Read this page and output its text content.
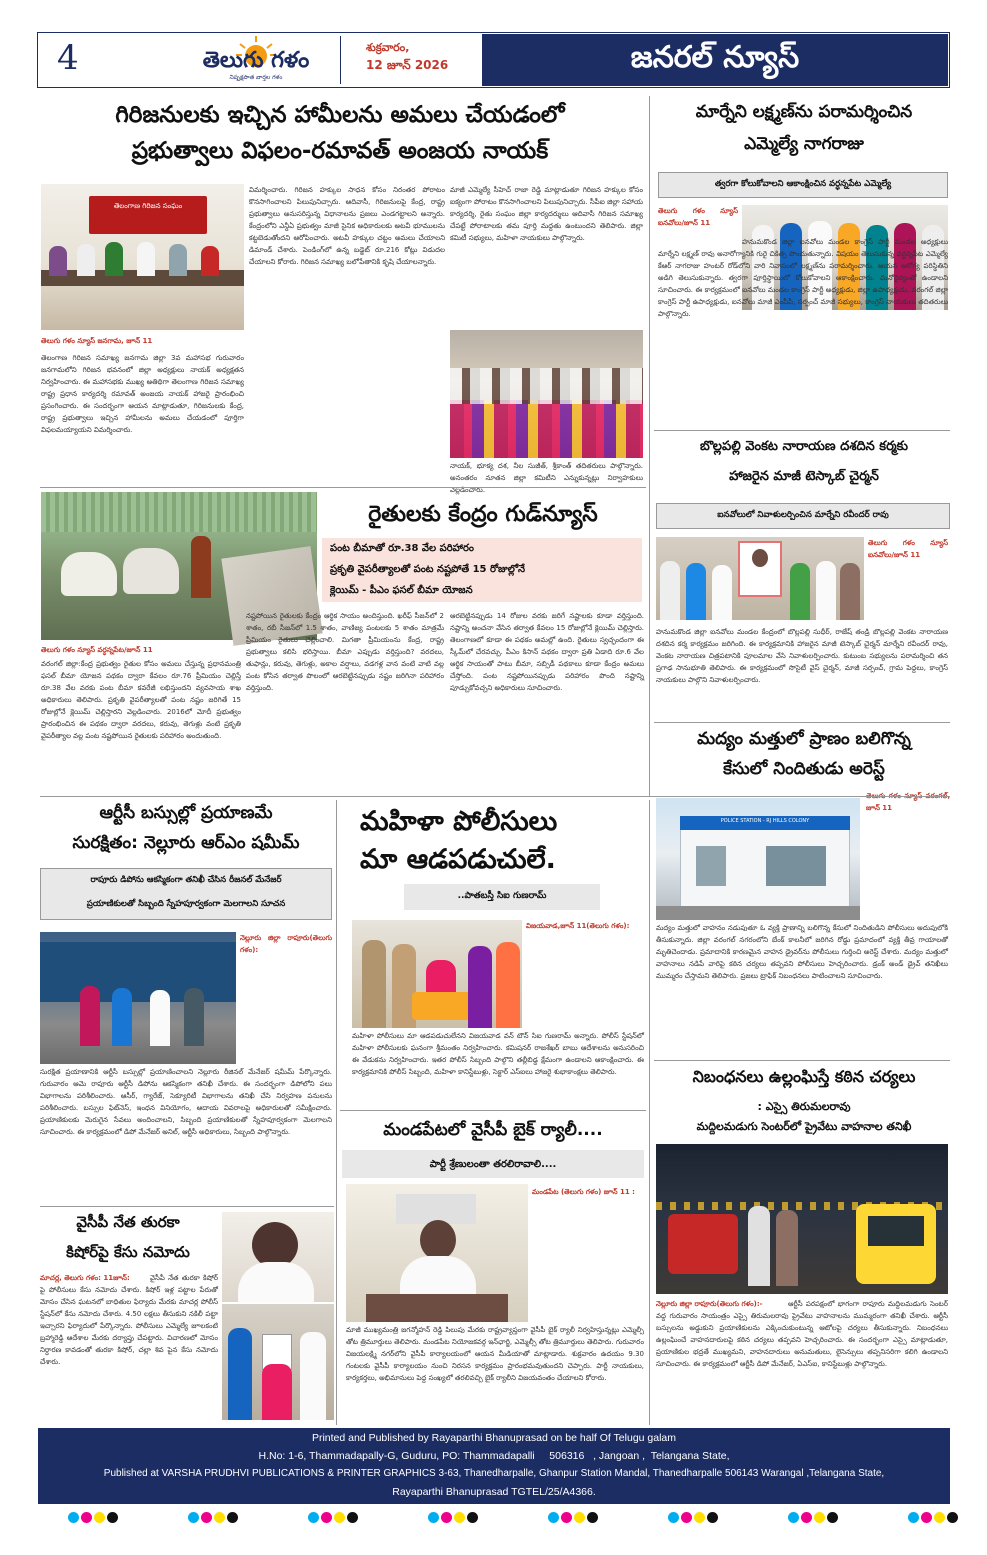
4	తెలుగు గళం
నిష్పక్షపాత వార్తల గళం
శుక్రవారం,
12 జూన్ 2026	జనరల్ న్యూస్
గిరిజనులకు ఇచ్చిన హామీలను అమలు చేయడంలో
ప్రభుత్వాలు విఫలం-రమావత్ అంజయ నాయక్
తెలంగాణ గిరిజన సంఘం
తెలుగు గళం న్యూస్ జనగామ, జూన్ 11
తెలంగాణ గిరిజన సమాఖ్య జనగామ జిల్లా 3వ మహాసభ గురువారం జనగామలోని గిరిజన భవనంలో జిల్లా అధ్యక్షులు నాయక్ అధ్యక్షతన నిర్వహించారు. ఈ మహాసభకు ముఖ్య అతిథిగా తెలంగాణ గిరిజన సమాఖ్య రాష్ట్ర ప్రధాన కార్యదర్శి రమావత్ అంజయ నాయక్ హాజరై ప్రారంభించి ప్రసంగించారు. ఈ సందర్భంగా ఆయన మాట్లాడుతూ, గిరిజనులకు కేంద్ర, రాష్ట్ర ప్రభుత్వాలు ఇచ్చిన హామీలను అమలు చేయడంలో పూర్తిగా విఫలమయ్యాయని విమర్శించారు.
విమర్శించారు. గిరిజన హక్కుల సాధన కోసం నిరంతర పోరాటం కొనసాగించాలని పిలుపునిచ్చారు. ఆదివాసీ, గిరిజనులపై కేంద్ర, రాష్ట్ర ప్రభుత్వాలు అనుసరిస్తున్న విధానాలను ప్రజలు ఎండగట్టాలని అన్నారు. కేంద్రంలోని ఎన్డీఏ ప్రభుత్వం మాజీ సైనిక అధికారులకు అటవీ భూములను కట్టబెడుతోందని ఆరోపించారు. అటవీ హక్కుల చట్టం అమలు చేయాలని డిమాండ్ చేశారు. పెండింగ్‌లో ఉన్న బడ్జెట్ రూ.216 కోట్లు విడుదల చేయాలని కోరారు. గిరిజన సమాఖ్య బలోపేతానికి కృషి చేయాలన్నారు.
మాజీ ఎమ్మెల్యే సీహెచ్ రాజా రెడ్డి మాట్లాడుతూ గిరిజన హక్కుల కోసం ఐక్యంగా పోరాటం కొనసాగించాలని పిలుపునిచ్చారు. సీపీఐ జిల్లా సహాయ కార్యదర్శి, రైతు సంఘం జిల్లా కార్యదర్శులు ఆదివాసీ గిరిజన సమాఖ్య చేపట్టే పోరాటాలకు తమ పూర్తి మద్దతు ఉంటుందని తెలిపారు. జిల్లా కమిటీ సభ్యులు, మహిళా నాయకులు పాల్గొన్నారు.
నాయక్, భూక్య దశ, నీల సుజీత్, శ్రీకాంత్ తదితరులు పాల్గొన్నారు. అనంతరం నూతన జిల్లా కమిటీని ఎన్నుకున్నట్లు నిర్వాహకులు వెల్లడించారు.
మార్నేని లక్ష్మణ్‌ను పరామర్శించిన
ఎమ్మెల్యే నాగరాజు
త్వరగా కోలుకోవాలని ఆకాంక్షించిన వర్ధన్నపేట ఎమ్మెల్యే
తెలుగు గళం న్యూస్ ఐనవోలు/జూన్ 11
హనుమకొండ జిల్లా ఐనవోలు మండల కాంగ్రెస్ పార్టీ మండల అధ్యక్షులు మార్నేని లక్ష్మణ్ రావు అనారోగ్యానికి గురై చికిత్స పొందుతున్నారు. విషయం తెలుసుకున్న వర్ధన్నపేట ఎమ్మెల్యే కేఆర్ నాగరాజు హంటర్ రోడ్‌లోని వారి నివాసంలో లక్ష్మణ్‌ను పరామర్శించారు. ఆయన ఆరోగ్య పరిస్థితిని అడిగి తెలుసుకున్నారు. త్వరగా పూర్తిస్థాయిలో కోలుకోవాలని ఆకాంక్షించారు. మనోధైర్యంతో ఉండాలని సూచించారు. ఈ కార్యక్రమంలో ఐనవోలు మండల కాంగ్రెస్ పార్టీ అధ్యక్షుడు, జిల్లా ఉపాధ్యక్షుడు, వరంగల్ జిల్లా కాంగ్రెస్ పార్టీ ఉపాధ్యక్షుడు, ఐనవోలు మాజీ ఎంపీపీ, సర్పంచ్ మాజీ సభ్యులు, కాంగ్రెస్ నాయకులు తదితరులు పాల్గొన్నారు.
బొల్లపల్లి వెంకట నారాయణ దశదిన కర్మకు
హాజరైన మాజీ టెస్కాబ్ చైర్మన్
ఐనవోలులో నివాళులర్పించిన మార్నేని రవీందర్ రావు
తెలుగు గళం న్యూస్ ఐనవోలు/జూన్ 11
హనుమకొండ జిల్లా ఐనవోలు మండల కేంద్రంలో బొల్లపల్లి సుధీర్, రాజేష్ తండ్రి బొల్లపల్లి వెంకట నారాయణ దశదిన కర్మ కార్యక్రమం జరిగింది. ఈ కార్యక్రమానికి హాజరైన మాజీ టెస్కాబ్ చైర్మన్ మార్నేని రవీందర్ రావు, వెంకట నారాయణ చిత్రపటానికి పూలమాల వేసి నివాళులర్పించారు. కుటుంబ సభ్యులను పరామర్శించి తన ప్రగాఢ సానుభూతి తెలిపారు. ఈ కార్యక్రమంలో సొసైటీ వైస్ చైర్మన్, మాజీ సర్పంచ్, గ్రామ పెద్దలు, కాంగ్రెస్ నాయకులు పాల్గొని నివాళులర్పించారు.
మద్యం మత్తులో ప్రాణం బలిగొన్న
కేసులో నిందితుడు అరెస్ట్
POLICE STATION - RJ HILLS COLONY
తెలుగు గళం న్యూస్ వరంగల్, జూన్ 11
మద్యం మత్తులో వాహనం నడుపుతూ ఓ వ్యక్తి ప్రాణాన్ని బలిగొన్న కేసులో నిందితుడిని పోలీసులు అదుపులోకి తీసుకున్నారు. జిల్లా వరంగల్ నగరంలోని బేంక్ కాలనీలో జరిగిన రోడ్డు ప్రమాదంలో వ్యక్తి తీవ్ర గాయాలతో మృతిచెందాడు. ప్రమాదానికి కారణమైన వాహన డ్రైవర్‌ను పోలీసులు గుర్తించి అరెస్ట్ చేశారు. మద్యం మత్తులో వాహనాలు నడిపే వారిపై కఠిన చర్యలు తప్పవని పోలీసులు హెచ్చరించారు. డ్రంక్ అండ్ డ్రైవ్ తనిఖీలు ముమ్మరం చేస్తామని తెలిపారు. ప్రజలు ట్రాఫిక్ నిబంధనలు పాటించాలని సూచించారు.
నిబంధనలు ఉల్లంఘిస్తే కఠిన చర్యలు
: ఎస్సై తిరుమలరావు
మద్దిలమడుగు సెంటర్‌లో ప్రైవేటు వాహనాల తనిఖీ
నెల్లూరు జిల్లా రాపూరు(తెలుగు గళం):-	ఆర్టీసీ పరపక్షంలో భాగంగా రాపూరు మద్దిలమడుగు సెంటర్ వద్ద గురువారం సాయంత్రం ఎస్సై తిరుమలరావు ప్రైవేటు వాహనాలను ముమ్మరంగా తనిఖీ చేశారు. ఆర్టీసీ బస్సులను అడ్డుకుని ప్రయాణికులను ఎక్కించుకుంటున్న ఆటోలపై చర్యలు తీసుకున్నారు. నిబంధనలు ఉల్లంఘించే వాహనదారులపై కఠిన చర్యలు తప్పవని హెచ్చరించారు. ఈ సందర్భంగా ఎస్సై మాట్లాడుతూ, ప్రయాణికుల భద్రతే ముఖ్యమని, వాహనదారులు అనుమతులు, లైసెన్సులు తప్పనిసరిగా కలిగి ఉండాలని సూచించారు. ఈ కార్యక్రమంలో ఆర్టీసీ డిపో మేనేజర్, ఏఎస్ఐ, కానిస్టేబుళ్లు పాల్గొన్నారు.
రైతులకు కేంద్రం గుడ్‌న్యూస్
పంట బీమాతో రూ.38 వేల పరిహారం
ప్రకృతి వైపరీత్యాలతో పంట నష్టపోతే 15 రోజుల్లోనే
క్లెయిమ్ - పీఎం ఫసల్ బీమా యోజన
తెలుగు గళం న్యూస్ వర్ధన్నపేట/జూన్ 11
వరంగల్ జిల్లా:కేంద్ర ప్రభుత్వం రైతుల కోసం అమలు చేస్తున్న ప్రధానమంత్రి ఫసల్ బీమా యోజన పథకం ద్వారా కేవలం రూ.76 ప్రీమియం చెల్లిస్తే రూ.38 వేల వరకు పంట బీమా కవరేజీ లభిస్తుందని వ్యవసాయ శాఖ అధికారులు తెలిపారు. ప్రకృతి వైపరీత్యాలతో పంట నష్టం జరిగితే 15 రోజుల్లోనే క్లెయిమ్ చెల్లిస్తారని వెల్లడించారు. 2016లో మోదీ ప్రభుత్వం ప్రారంభించిన ఈ పథకం ద్వారా వరదలు, కరువు, తెగుళ్లు వంటి ప్రకృతి వైపరీత్యాల వల్ల పంట నష్టపోయిన రైతులకు పరిహారం అందుతుంది.
నష్టపోయిన రైతులకు కేంద్రం ఆర్థిక సాయం అందిస్తుంది. ఖరీఫ్ సీజన్‌లో 2 శాతం, రబీ సీజన్‌లో 1.5 శాతం, వాణిజ్య పంటలకు 5 శాతం మాత్రమే ప్రీమియం రైతులు చెల్లించాలి. మిగతా ప్రీమియంను కేంద్ర, రాష్ట్ర ప్రభుత్వాలు కలిసి భరిస్తాయి. బీమా ఎప్పుడు వర్తిస్తుంది? వరదలు, తుఫాన్లు, కరువు, తెగుళ్లు, అకాల వర్షాలు, వడగళ్ల వాన వంటి వాటి వల్ల పంట కోసిన తర్వాత పొలంలో ఆరబెట్టినప్పుడు నష్టం జరిగినా పరిహారం వర్తిస్తుంది.
ఆరబెట్టినప్పుడు 14 రోజుల వరకు జరిగే నష్టాలకు కూడా వర్తిస్తుంది. నష్టాన్ని అంచనా వేసిన తర్వాత కేవలం 15 రోజుల్లోనే క్లెయిమ్ చెల్లిస్తారు. తెలంగాణలో కూడా ఈ పథకం అమల్లో ఉంది. రైతులు స్వచ్ఛందంగా ఈ స్కీమ్‌లో చేరవచ్చు. పీఎం కిసాన్ పథకం ద్వారా ప్రతి ఏడాది రూ.6 వేల ఆర్థిక సాయంతో పాటు బీమా, సబ్సిడీ పథకాలు కూడా కేంద్రం అమలు చేస్తోంది. పంట నష్టపోయినప్పుడు పరిహారం పొంది నష్టాన్ని పూడ్చుకోవచ్చని అధికారులు సూచించారు.
ఆర్టీసీ బస్సుల్లో ప్రయాణమే
సురక్షితం: నెల్లూరు ఆర్ఎం షమీమ్
రాపూరు డిపోను ఆకస్మికంగా తనిఖీ చేసిన రీజనల్ మేనేజర్
ప్రయాణికులతో సిబ్బంది స్నేహపూర్వకంగా మెలగాలని సూచన
నెల్లూరు జిల్లా రాపూరు(తెలుగు గళం):
సురక్షిత ప్రయాణానికి ఆర్టీసీ బస్సుల్లో ప్రయాణించాలని నెల్లూరు రీజినల్ మేనేజర్ షమీమ్ పేర్కొన్నారు. గురువారం ఆమె రాపూరు ఆర్టీసీ డిపోను ఆకస్మికంగా తనిఖీ చేశారు. ఈ సందర్భంగా డిపోలోని పలు విభాగాలను పరిశీలించారు. ఆసీర్, గ్యారేజ్, సెక్యూరిటీ విభాగాలను తనిఖీ చేసి నిర్వహణ పనులను పరిశీలించారు. బస్సుల ఫిట్‌నెస్, ఇంధన వినియోగం, ఆదాయ వివరాలపై అధికారులతో సమీక్షించారు. ప్రయాణికులకు మెరుగైన సేవలు అందించాలని, సిబ్బంది ప్రయాణికులతో స్నేహపూర్వకంగా మెలగాలని సూచించారు. ఈ కార్యక్రమంలో డిపో మేనేజర్ అనిల్, ఆర్టీసీ అధికారులు, సిబ్బంది పాల్గొన్నారు.
వైసీపీ నేత తురకా
కిషోర్‌పై కేసు నమోదు
మాచర్ల, తెలుగు గళం: 11జూన్:	వైసీపీ నేత తురకా కిషోర్ పై పోలీసులు కేసు నమోదు చేశారు. కిషోర్ ఇళ్ల పట్టాల పేరుతో మోసం చేసిన ఘటనలో బాధితుల ఫిర్యాదు మేరకు మాచర్ల పోలీస్ స్టేషన్‌లో కేసు నమోదు చేశారు. 4.50 లక్షలు తీసుకుని నకిలీ పట్టా ఇచ్చారని ఫిర్యాదులో పేర్కొన్నారు. పోలీసులు ఎమ్మెల్యే జూలకంటి బ్రహ్మారెడ్డి ఆదేశాల మేరకు దర్యాప్తు చేపట్టారు. విచారణలో మోసం నిర్ధారణ కావడంతో తురకా కిషోర్, చల్లా శివ పైన కేసు నమోదు చేశారు.
మహిళా పోలీసులు
మా ఆడపడుచులే.
..పాతబస్తీ సిఐ గుణరామ్
విజయవాడ,జూన్ 11(తెలుగు గళం):
మహిళా పోలీసులు మా ఆడపడుచులేనని విజయవాడ వన్ టౌన్ సిఐ గుణరామ్ అన్నారు. పోలీస్ స్టేషన్‌లో మహిళా పోలీసులకు ఘనంగా శ్రీమంతం నిర్వహించారు. కమిషనర్ రాజశేఖర్ బాబు ఆదేశాలను అనుసరించి ఈ వేడుకను నిర్వహించారు. ఇతర పోలీస్ సిబ్బంది పాల్గొని తల్లీబిడ్డ క్షేమంగా ఉండాలని ఆకాంక్షించారు. ఈ కార్యక్రమానికి పోలీస్ సిబ్బంది, మహిళా కానిస్టేబుళ్లు, సెక్టార్ ఎస్ఐలు హాజరై శుభాకాంక్షలు తెలిపారు.
మండపేటలో వైసీపీ బైక్ ర్యాలీ....
పార్టీ శ్రేణులంతా తరలిరావాలి....
మండపేట (తెలుగు గళం) జూన్ 11 :
మాజీ ముఖ్యమంత్రి జగన్మోహన్ రెడ్డి పిలుపు మేరకు రాష్ట్రవ్యాప్తంగా వైసీపీ బైక్ ర్యాలీ నిర్వహిస్తున్నట్లు ఎమ్మెల్సీ తోట త్రిమూర్తులు తెలిపారు. మండపేట నియోజకవర్గ ఇన్‌ఛార్జి, ఎమ్మెల్సీ తోట త్రిమూర్తులు తెలిపారు. గురువారం విజయలక్ష్మి నగర్‌లోని వైసీపీ కార్యాలయంలో ఆయన మీడియాతో మాట్లాడారు. శుక్రవారం ఉదయం 9.30 గంటలకు వైసీపీ కార్యాలయం నుంచి నిరసన కార్యక్రమం ప్రారంభమవుతుందని చెప్పారు. పార్టీ నాయకులు, కార్యకర్తలు, అభిమానులు పెద్ద సంఖ్యలో తరలివచ్చి బైక్ ర్యాలీని విజయవంతం చేయాలని కోరారు.
Printed and Published by Rayaparthi Bhanuprasad on be half Of Telugu galam
H.No: 1-6, Thammadapally-G, Guduru, PO: Thammadapalli     506316   , Jangoan ,  Telangana State,
Published at VARSHA PRUDHVI PUBLICATIONS & PRINTER GRAPHICS 3-63, Thanedharpalle, Ghanpur Station Mandal, Thanedharpalle 506143 Warangal ,Telangana State,
Rayaparthi Bhanuprasad TGTEL/25/A4366.
